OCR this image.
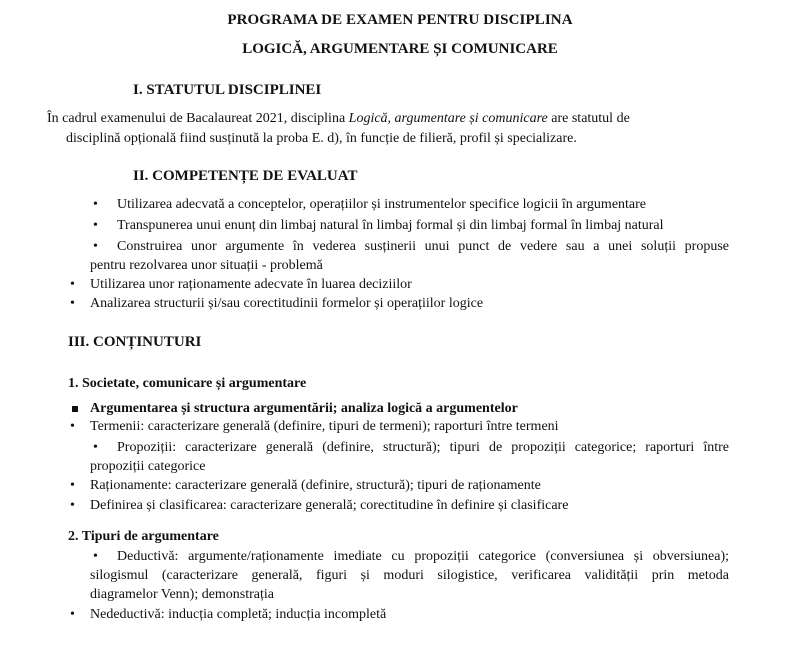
PROGRAMA DE EXAMEN PENTRU DISCIPLINA
LOGICĂ, ARGUMENTARE ȘI COMUNICARE
I. STATUTUL DISCIPLINEI
În cadrul examenului de Bacalaureat 2021, disciplina Logică, argumentare și comunicare are statutul de
disciplină opțională fiind susținută la proba E. d), în funcție de filieră, profil și specializare.
II. COMPETENȚE DE EVALUAT
• Utilizarea adecvată a conceptelor, operațiilor și instrumentelor specifice logicii în argumentare
• Transpunerea unui enunț din limbaj natural în limbaj formal și din limbaj formal în limbaj natural
• Construirea unor argumente în vederea susținerii unui punct de vedere sau a unei soluții propuse
pentru rezolvarea unor situații - problemă
• Utilizarea unor raționamente adecvate în luarea deciziilor
• Analizarea structurii și/sau corectitudinii formelor și operațiilor logice
III. CONȚINUTURI
1. Societate, comunicare și argumentare
Argumentarea și structura argumentării; analiza logică a argumentelor
• Termenii: caracterizare generală (definire, tipuri de termeni); raporturi între termeni
• Propoziții: caracterizare generală (definire, structură); tipuri de propoziții categorice; raporturi între
propoziții categorice
• Raționamente: caracterizare generală (definire, structură); tipuri de raționamente
• Definirea și clasificarea: caracterizare generală; corectitudine în definire și clasificare
2. Tipuri de argumentare
• Deductivă: argumente/raționamente imediate cu propoziții categorice (conversiunea și obversiunea);
silogismul (caracterizare generală, figuri și moduri silogistice, verificarea validității prin metoda
diagramelor Venn); demonstrația
• Nedeductivă: inducția completă; inducția incompletă
